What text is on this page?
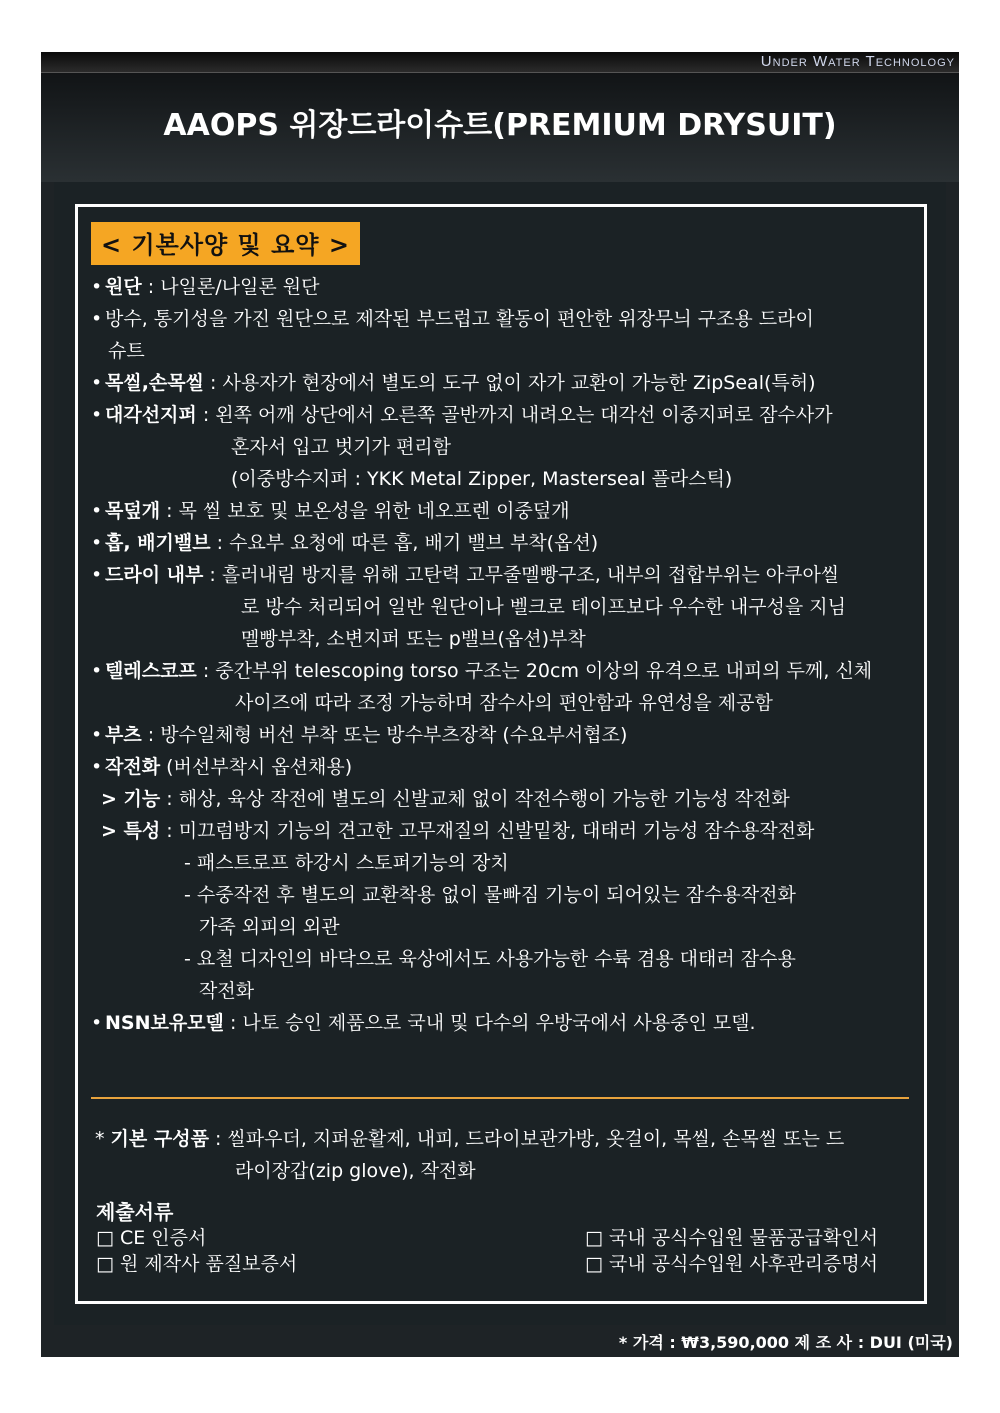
Under Water Technology
AAOPS 위장드라이슈트(PREMIUM DRYSUIT)
< 기본사양 및 요약 >
• 원단 : 나일론/나일론 원단
• 방수, 통기성을 가진 원단으로 제작된 부드럽고 활동이 편안한 위장무늬 구조용 드라이
슈트
• 목씰,손목씰 : 사용자가 현장에서 별도의 도구 없이 자가 교환이 가능한 ZipSeal(특허)
• 대각선지퍼 : 왼쪽 어깨 상단에서 오른쪽 골반까지 내려오는 대각선 이중지퍼로 잠수사가
혼자서 입고 벗기가 편리함
(이중방수지퍼 : YKK Metal Zipper, Masterseal 플라스틱)
• 목덮개 : 목 씰 보호 및 보온성을 위한 네오프렌 이중덮개
• 흡, 배기밸브 : 수요부 요청에 따른 흡, 배기 밸브 부착(옵션)
• 드라이 내부 : 흘러내림 방지를 위해 고탄력 고무줄멜빵구조, 내부의 접합부위는 아쿠아씰
로 방수 처리되어 일반 원단이나 벨크로 테이프보다 우수한 내구성을 지님
멜빵부착, 소변지퍼 또는 p밸브(옵션)부착
• 텔레스코프 : 중간부위 telescoping torso 구조는 20cm 이상의 유격으로 내피의 두께, 신체
사이즈에 따라 조정 가능하며 잠수사의 편안함과 유연성을 제공함
• 부츠 : 방수일체형 버선 부착 또는 방수부츠장착 (수요부서협조)
• 작전화 (버선부착시 옵션채용)
> 기능 : 해상, 육상 작전에 별도의 신발교체 없이 작전수행이 가능한 기능성 작전화
> 특성 : 미끄럼방지 기능의 견고한 고무재질의 신발밑창, 대태러 기능성 잠수용작전화
- 패스트로프 하강시 스토퍼기능의 장치
- 수중작전 후 별도의 교환착용 없이 물빠짐 기능이 되어있는 잠수용작전화
가죽 외피의 외관
- 요철 디자인의 바닥으로 육상에서도 사용가능한 수륙 겸용 대태러 잠수용
작전화
• NSN보유모델 : 나토 승인 제품으로 국내 및 다수의 우방국에서 사용중인 모델.
* 기본 구성품 : 씰파우더, 지퍼윤활제, 내피, 드라이보관가방, 옷걸이, 목씰, 손목씰 또는 드
라이장갑(zip glove), 작전화
제출서류
□ CE 인증서
□ 원 제작사 품질보증서
□ 국내 공식수입원 물품공급확인서
□ 국내 공식수입원 사후관리증명서
* 가격 : ₩3,590,000 제 조 사 : DUI (미국)
